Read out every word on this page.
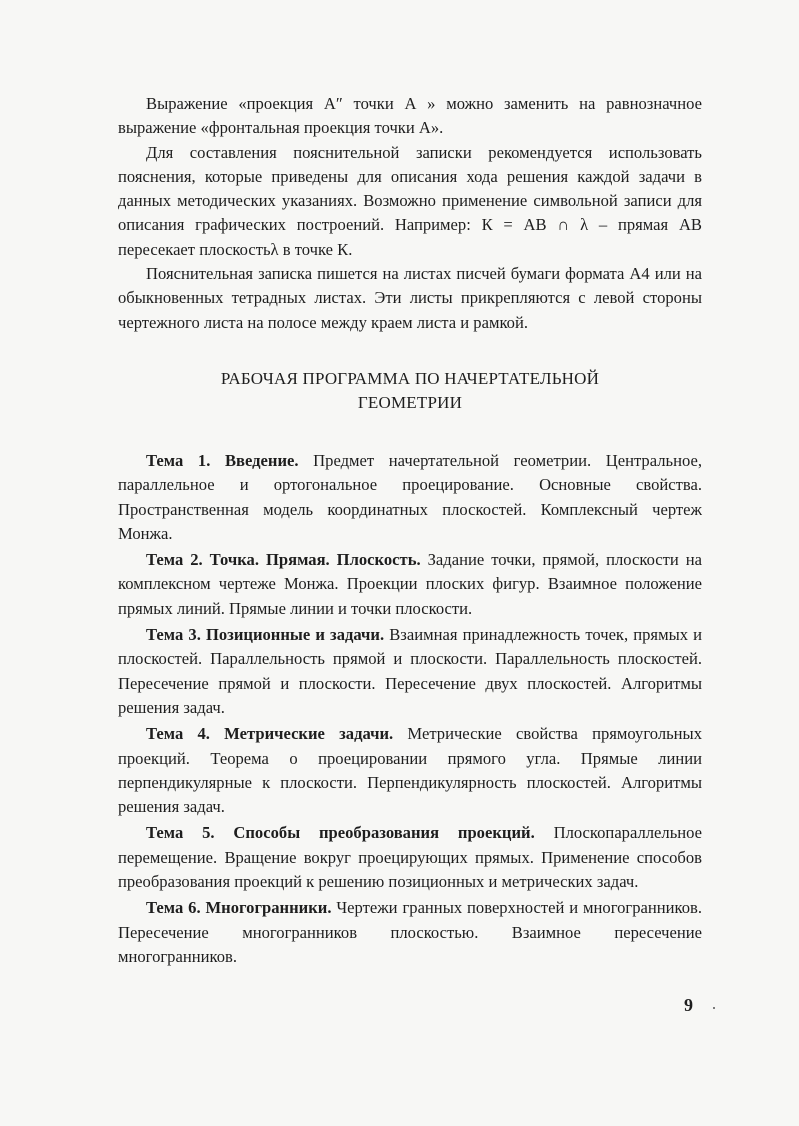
Выражение «проекция А″ точки А » можно заменить на равнозначное выражение «фронтальная проекция точки А».

Для составления пояснительной записки рекомендуется использовать пояснения, которые приведены для описания хода решения каждой задачи в данных методических указаниях. Возможно применение символьной записи для описания графических построений. Например: К = АВ ∩ λ – прямая АВ пересекает плоскостьλ в точке К.

Пояснительная записка пишется на листах писчей бумаги формата А4 или на обыкновенных тетрадных листах. Эти листы прикрепляются с левой стороны чертежного листа на полосе между краем листа и рамкой.

РАБОЧАЯ ПРОГРАММА ПО НАЧЕРТАТЕЛЬНОЙ

ГЕОМЕТРИИ

Тема 1. Введение. Предмет начертательной геометрии. Центральное, параллельное и ортогональное проецирование. Основные свойства. Пространственная модель координатных плоскостей. Комплексный чертеж Монжа.

Тема 2. Точка. Прямая. Плоскость. Задание точки, прямой, плоскости на комплексном чертеже Монжа. Проекции плоских фигур. Взаимное положение прямых линий. Прямые линии и точки плоскости.

Тема 3. Позиционные и задачи. Взаимная принадлежность точек, прямых и плоскостей. Параллельность прямой и плоскости. Параллельность плоскостей. Пересечение прямой и плоскости. Пересечение двух плоскостей. Алгоритмы решения задач.

Тема 4. Метрические задачи. Метрические свойства прямоугольных проекций. Теорема о проецировании прямого угла. Прямые линии перпендикулярные к плоскости. Перпендикулярность плоскостей. Алгоритмы решения задач.

Тема 5. Способы преобразования проекций. Плоскопараллельное перемещение. Вращение вокруг проецирующих прямых. Применение способов преобразования проекций к решению позиционных и метрических задач.

Тема 6. Многогранники. Чертежи гранных поверхностей и многогранников. Пересечение многогранников плоскостью. Взаимное пересечение многогранников.

9
